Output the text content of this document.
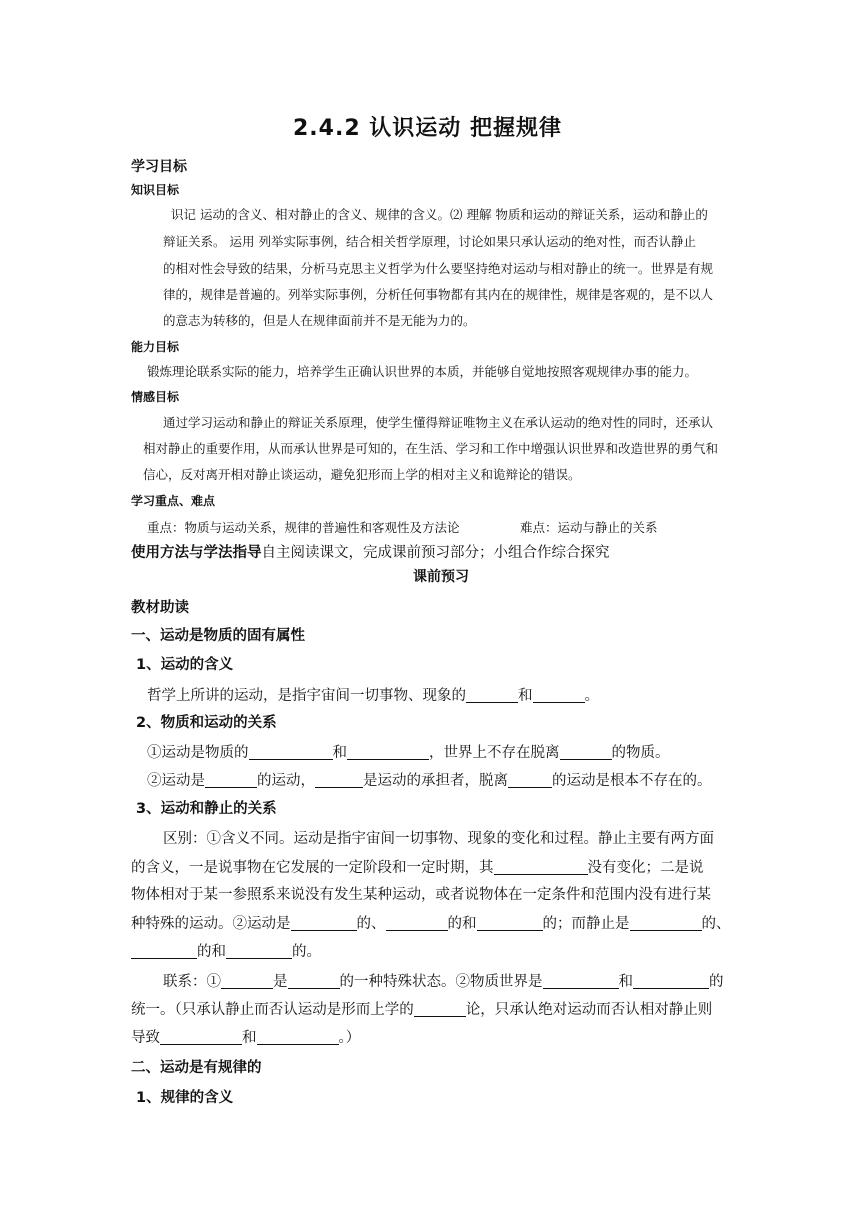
2.4.2 认识运动 把握规律
学习目标
知识目标
识记 运动的含义、相对静止的含义、规律的含义。⑵ 理解 物质和运动的辩证关系，运动和静止的
辩证关系。 运用 列举实际事例，结合相关哲学原理，讨论如果只承认运动的绝对性，而否认静止
的相对性会导致的结果，分析马克思主义哲学为什么要坚持绝对运动与相对静止的统一。世界是有规
律的，规律是普遍的。列举实际事例，分析任何事物都有其内在的规律性，规律是客观的，是不以人
的意志为转移的，但是人在规律面前并不是无能为力的。
能力目标
锻炼理论联系实际的能力，培养学生正确认识世界的本质，并能够自觉地按照客观规律办事的能力。
情感目标
通过学习运动和静止的辩证关系原理，使学生懂得辩证唯物主义在承认运动的绝对性的同时，还承认
相对静止的重要作用，从而承认世界是可知的，在生活、学习和工作中增强认识世界和改造世界的勇气和
信心，反对离开相对静止谈运动，避免犯形而上学的相对主义和诡辩论的错误。
学习重点、难点
重点：物质与运动关系，规律的普遍性和客观性及方法论	难点：运动与静止的关系
使用方法与学法指导自主阅读课文，完成课前预习部分；小组合作综合探究
课前预习
教材助读
一、运动是物质的固有属性
1、运动的含义
哲学上所讲的运动，是指宇宙间一切事物、现象的	和	。
2、物质和运动的关系
①运动是物质的	和	，世界上不存在脱离	的物质。
②运动是	的运动，	是运动的承担者，脱离	的运动是根本不存在的。
3、运动和静止的关系
区别：①含义不同。运动是指宇宙间一切事物、现象的变化和过程。静止主要有两方面
的含义，一是说事物在它发展的一定阶段和一定时期，其	没有变化；二是说
物体相对于某一参照系来说没有发生某种运动，或者说物体在一定条件和范围内没有进行某
种特殊的运动。②运动是	的、	的和	的；而静止是	的、
的和	的。
联系：①	是	的一种特殊状态。②物质世界是	和	的
统一。（只承认静止而否认运动是形而上学的	论，只承认绝对运动而否认相对静止则
导致	和	。）
二、运动是有规律的
1、规律的含义
